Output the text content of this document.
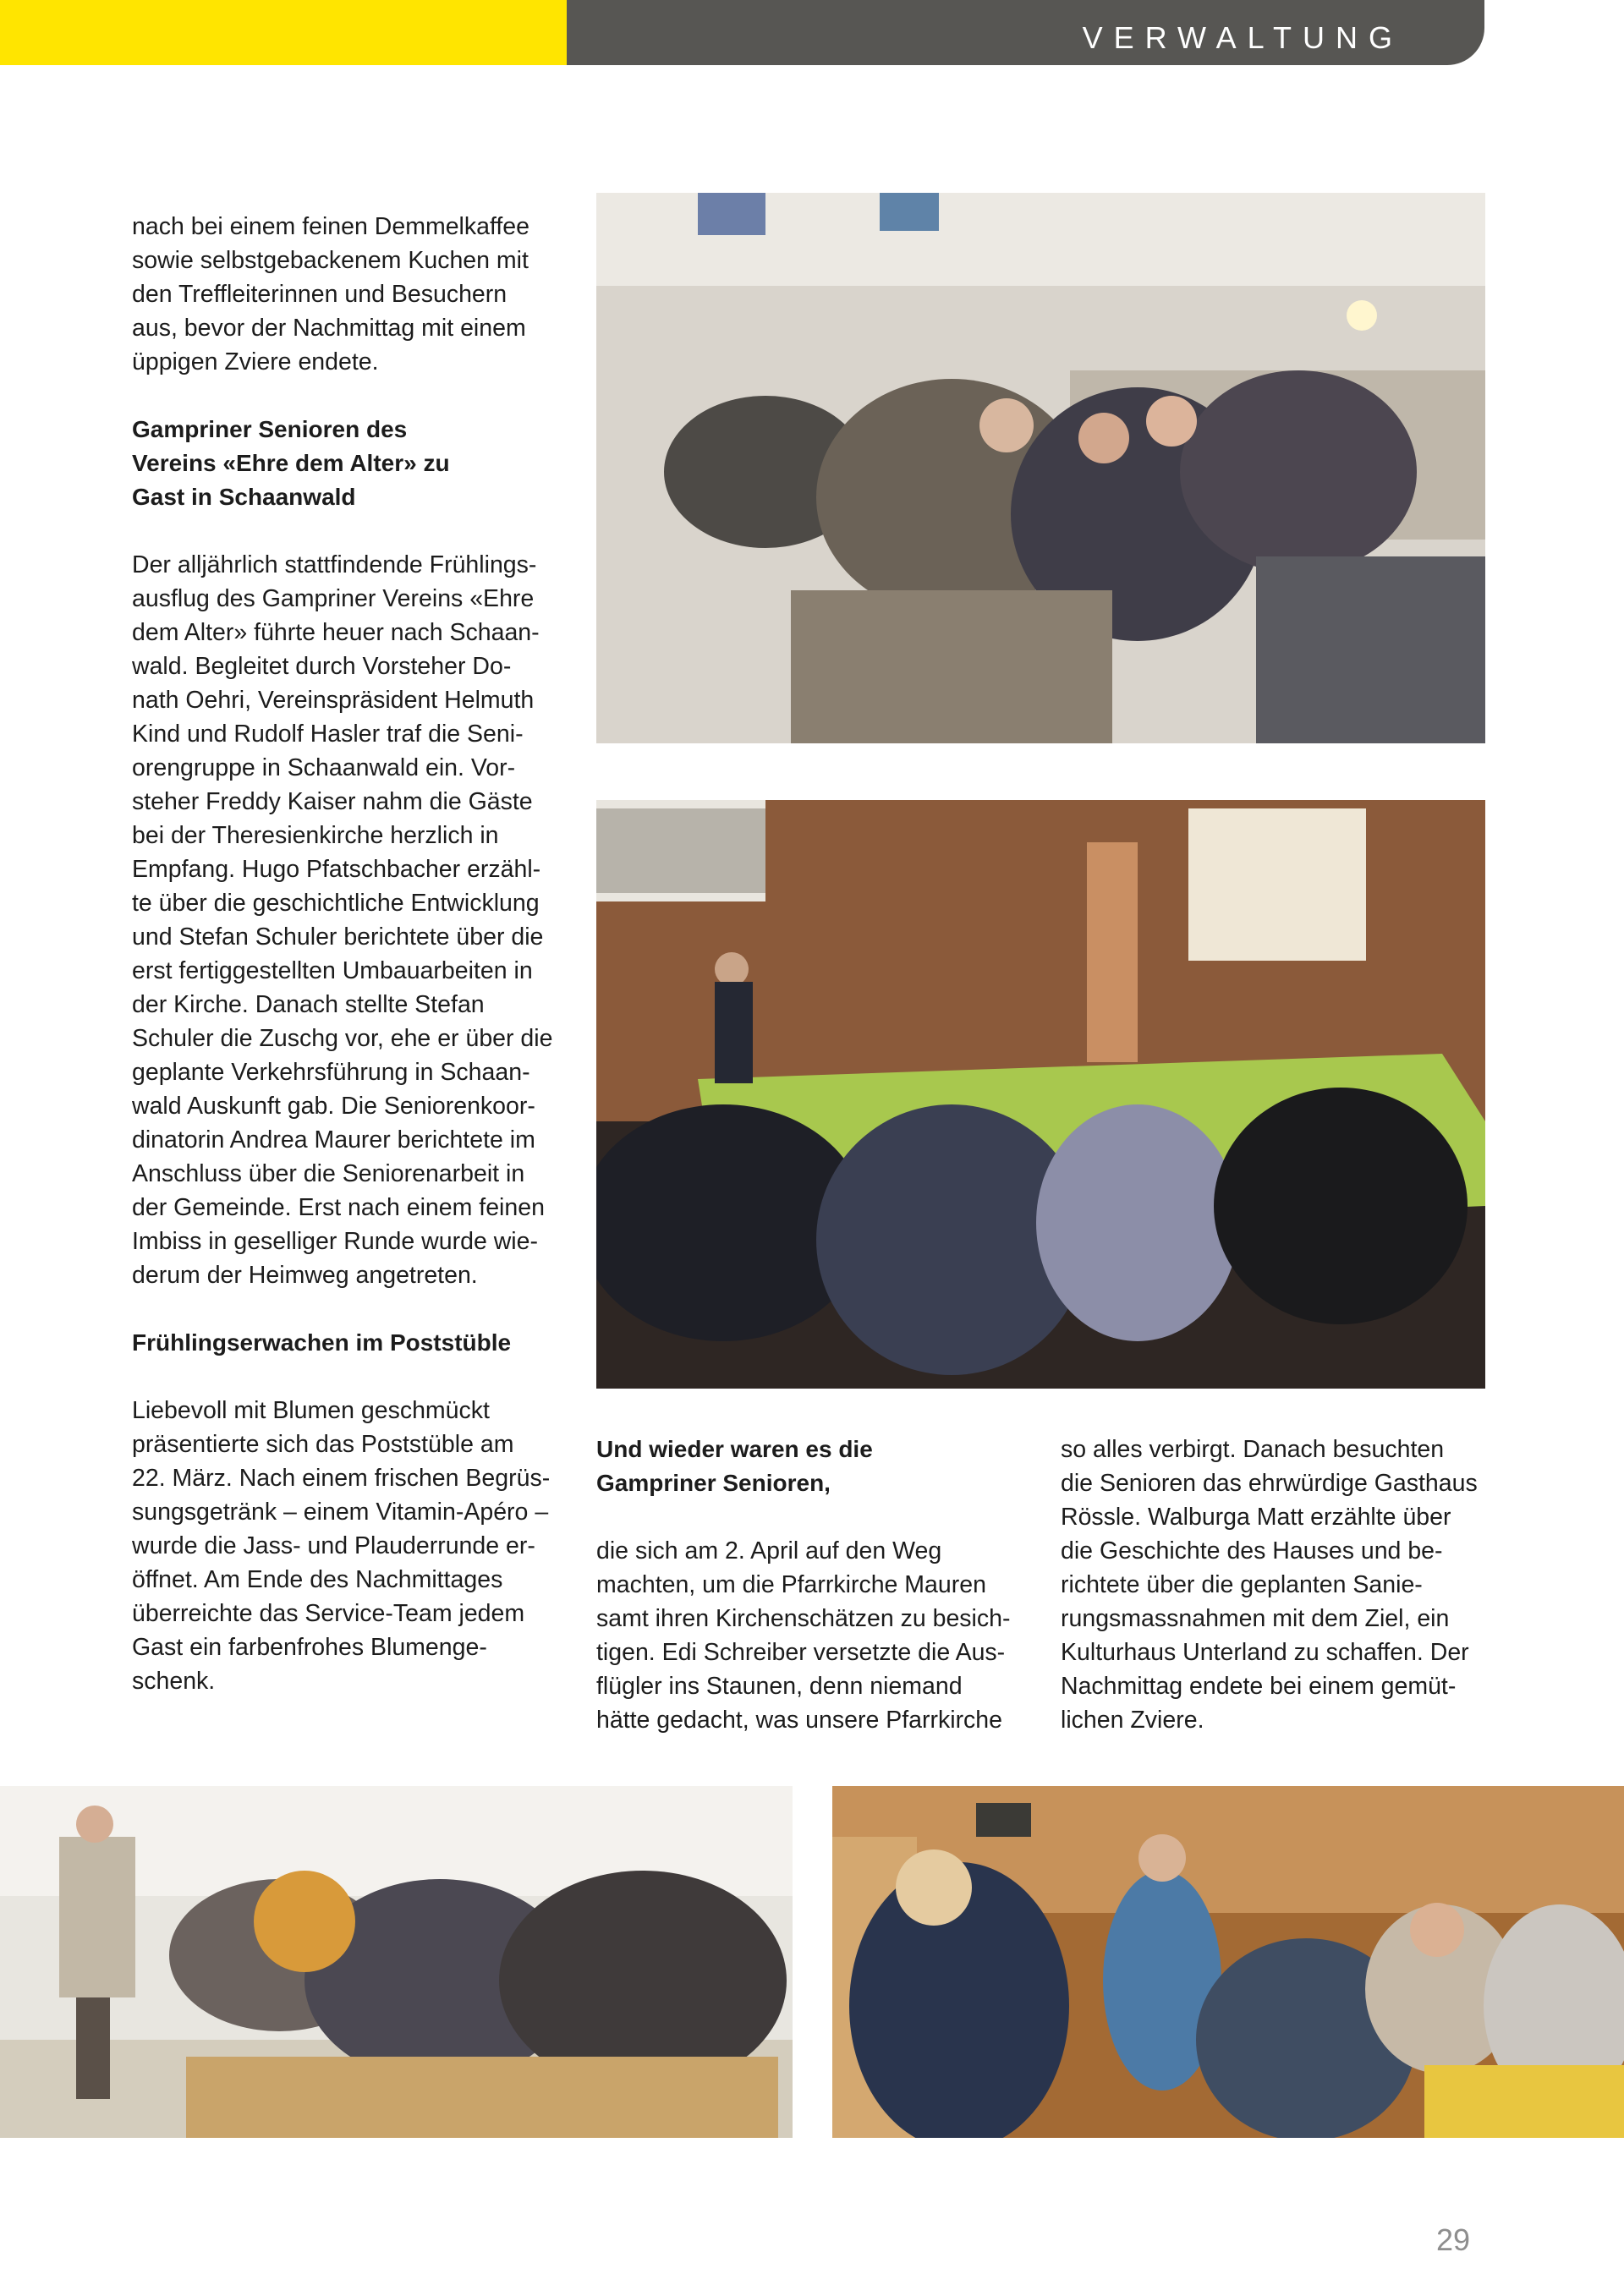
VERWALTUNG

nach bei einem feinen Demmelkaffee
sowie selbstgebackenem Kuchen mit
den Treffleiterinnen und Besuchern
aus, bevor der Nachmittag mit einem
üppigen Zviere endete.

Gampriner Senioren des
Vereins «Ehre dem Alter» zu
Gast in Schaanwald

Der alljährlich stattfindende Frühlings-
ausflug des Gampriner Vereins «Ehre
dem Alter» führte heuer nach Schaan-
wald. Begleitet durch Vorsteher Do-
nath Oehri, Vereinspräsident Helmuth
Kind und Rudolf Hasler traf die Seni-
orengruppe in Schaanwald ein. Vor-
steher Freddy Kaiser nahm die Gäste
bei der Theresienkirche herzlich in
Empfang. Hugo Pfatschbacher erzähl-
te über die geschichtliche Entwicklung
und Stefan Schuler berichtete über die
erst fertiggestellten Umbauarbeiten in
der Kirche. Danach stellte Stefan
Schuler die Zuschg vor, ehe er über die
geplante Verkehrsführung in Schaan-
wald Auskunft gab. Die Seniorenkoor-
dinatorin Andrea Maurer berichtete im
Anschluss über die Seniorenarbeit in
der Gemeinde. Erst nach einem feinen
Imbiss in geselliger Runde wurde wie-
derum der Heimweg angetreten.

Frühlingserwachen im Poststüble

Liebevoll mit Blumen geschmückt
präsentierte sich das Poststüble am
22. März. Nach einem frischen Begrüs-
sungsgetränk – einem Vitamin-Apéro –
wurde die Jass- und Plauderrunde er-
öffnet. Am Ende des Nachmittages
überreichte das Service-Team jedem
Gast ein farbenfrohes Blumenge-
schenk.

Und wieder waren es die
Gampriner Senioren,

die sich am 2. April auf den Weg
machten, um die Pfarrkirche Mauren
samt ihren Kirchenschätzen zu besich-
tigen. Edi Schreiber versetzte die Aus-
flügler ins Staunen, denn niemand
hätte gedacht, was unsere Pfarrkirche

so alles verbirgt. Danach besuchten
die Senioren das ehrwürdige Gasthaus
Rössle. Walburga Matt erzählte über
die Geschichte des Hauses und be-
richtete über die geplanten Sanie-
rungsmassnahmen mit dem Ziel, ein
Kulturhaus Unterland zu schaffen. Der
Nachmittag endete bei einem gemüt-
lichen Zviere.

29
